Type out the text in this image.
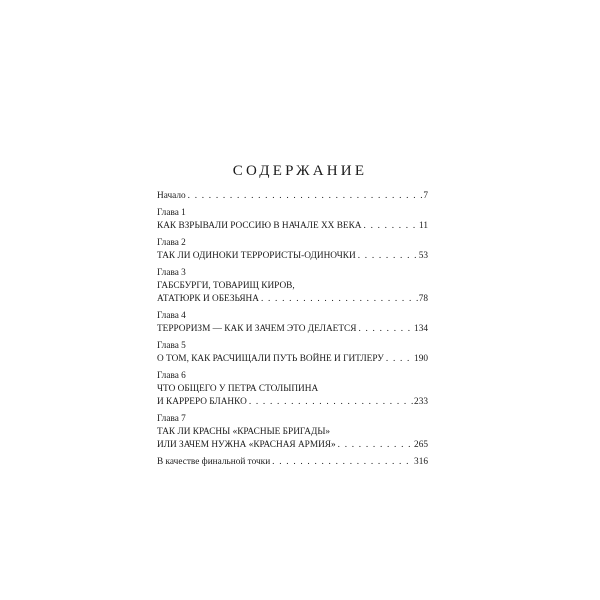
СОДЕРЖАНИЕ
Начало . . .	7
Глава 1
КАК ВЗРЫВАЛИ РОССИЮ В НАЧАЛЕ XX ВЕКА . . .	11
Глава 2
ТАК ЛИ ОДИНОКИ ТЕРРОРИСТЫ-ОДИНОЧКИ . . .	53
Глава 3
ГАБСБУРГИ, ТОВАРИЩ КИРОВ,
АТАТЮРК И ОБЕЗЬЯНА . . .	78
Глава 4
ТЕРРОРИЗМ — КАК И ЗАЧЕМ ЭТО ДЕЛАЕТСЯ . . .	134
Глава 5
О ТОМ, КАК РАСЧИЩАЛИ ПУТЬ ВОЙНЕ И ГИТЛЕРУ . . .	190
Глава 6
ЧТО ОБЩЕГО У ПЕТРА СТОЛЫПИНА
И КАРРЕРО БЛАНКО . . .	233
Глава 7
ТАК ЛИ КРАСНЫ «КРАСНЫЕ БРИГАДЫ»
ИЛИ ЗАЧЕМ НУЖНА «КРАСНАЯ АРМИЯ» . . .	265
В качестве финальной точки . . .	316
